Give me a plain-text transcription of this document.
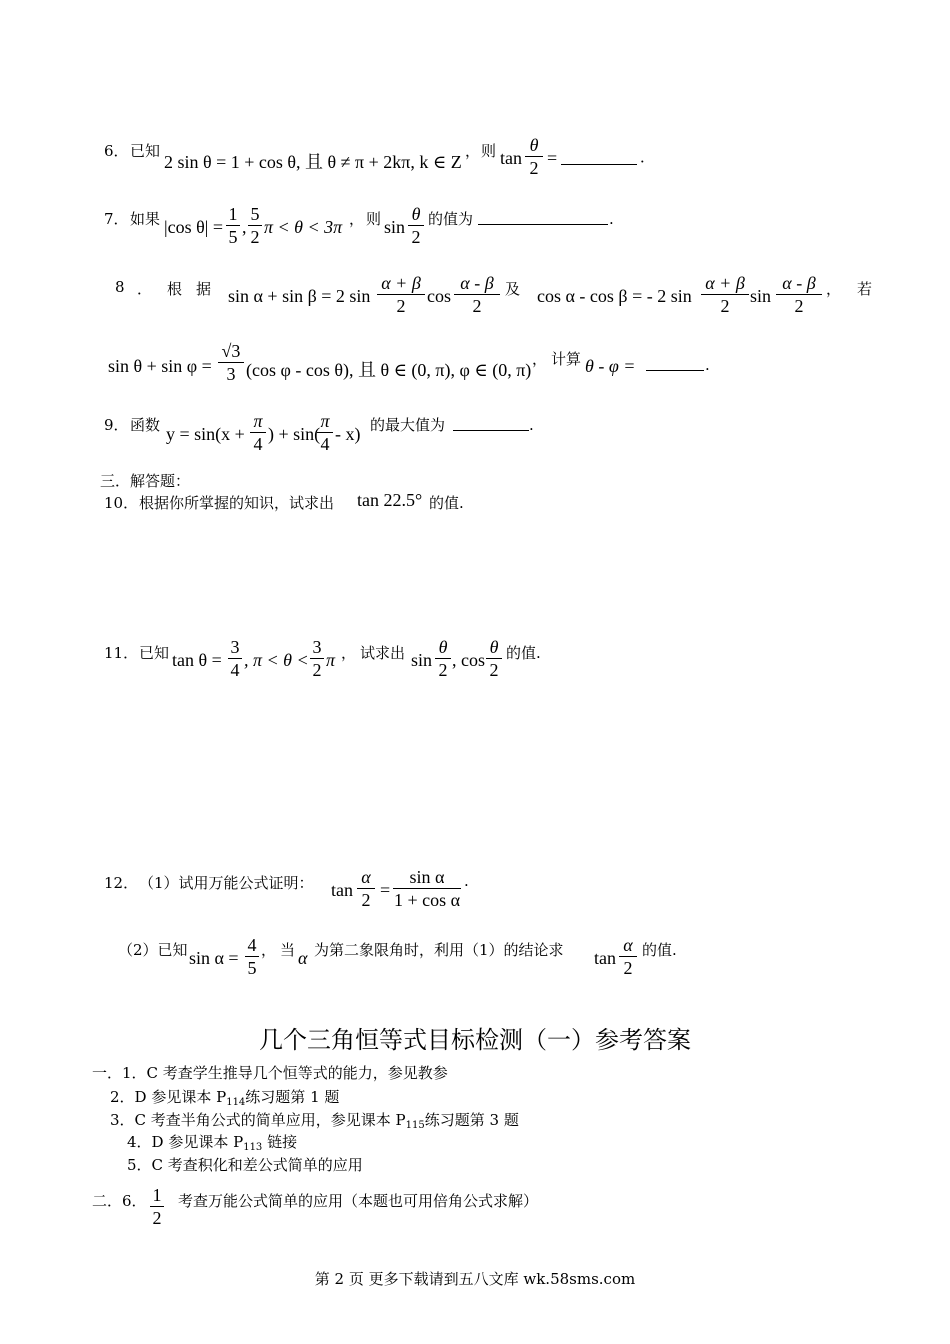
6． 已知
2 sin θ = 1 + cos θ, 且 θ ≠ π + 2kπ, k ∈ Z
， 则 tan
θ
2 =	．
7． 如果 |cos θ| =
1
5 ,
5
2 π < θ < 3π ， 则 sin
θ
2
的值为	.
8 ． 根 据 sin α + sin β = 2 sin
α + β
2	cos
α - β
2
及 cos α - cos β = - 2 sin
α + β
2	sin
α - β
2
， 若
sin θ + sin φ =
√3
3 (cos φ - cos θ), 且 θ ∈ (0, π), φ ∈ (0, π)
， 计算 θ - φ =	.
9． 函数 y = sin(x +
π
4 ) + sin(
π
4 - x) 的最大值为	.
三．解答题：
10． 根据你所掌握的知识，试求出 tan 22.5° 的值.
11． 已知 tan θ =
3
4 , π < θ <
3
2 π ， 试求出 sin
θ
2 , cos
θ
2
的值.
12． （1）试用万能公式证明： tan
α
2 =
sin α
1 + cos α
.
（2）已知 sin α =
4
5
， 当 α 为第二象限角时，利用（1）的结论求 tan
α
2
的值.
几个三角恒等式目标检测（一）参考答案
一．1．C 考查学生推导几个恒等式的能力，参见教参
2．D 参见课本 $P_{114}$练习题第 1 题
3．C 考查半角公式的简单应用，参见课本 $P_{115}$练习题第 3 题
4．D 参见课本 $P_{113}$ 链接
5．C 考查积化和差公式简单的应用
二．6． 1
2
考查万能公式简单的应用（本题也可用倍角公式求解）
第 2 页 更多下载请到五八文库 wk.58sms.com
